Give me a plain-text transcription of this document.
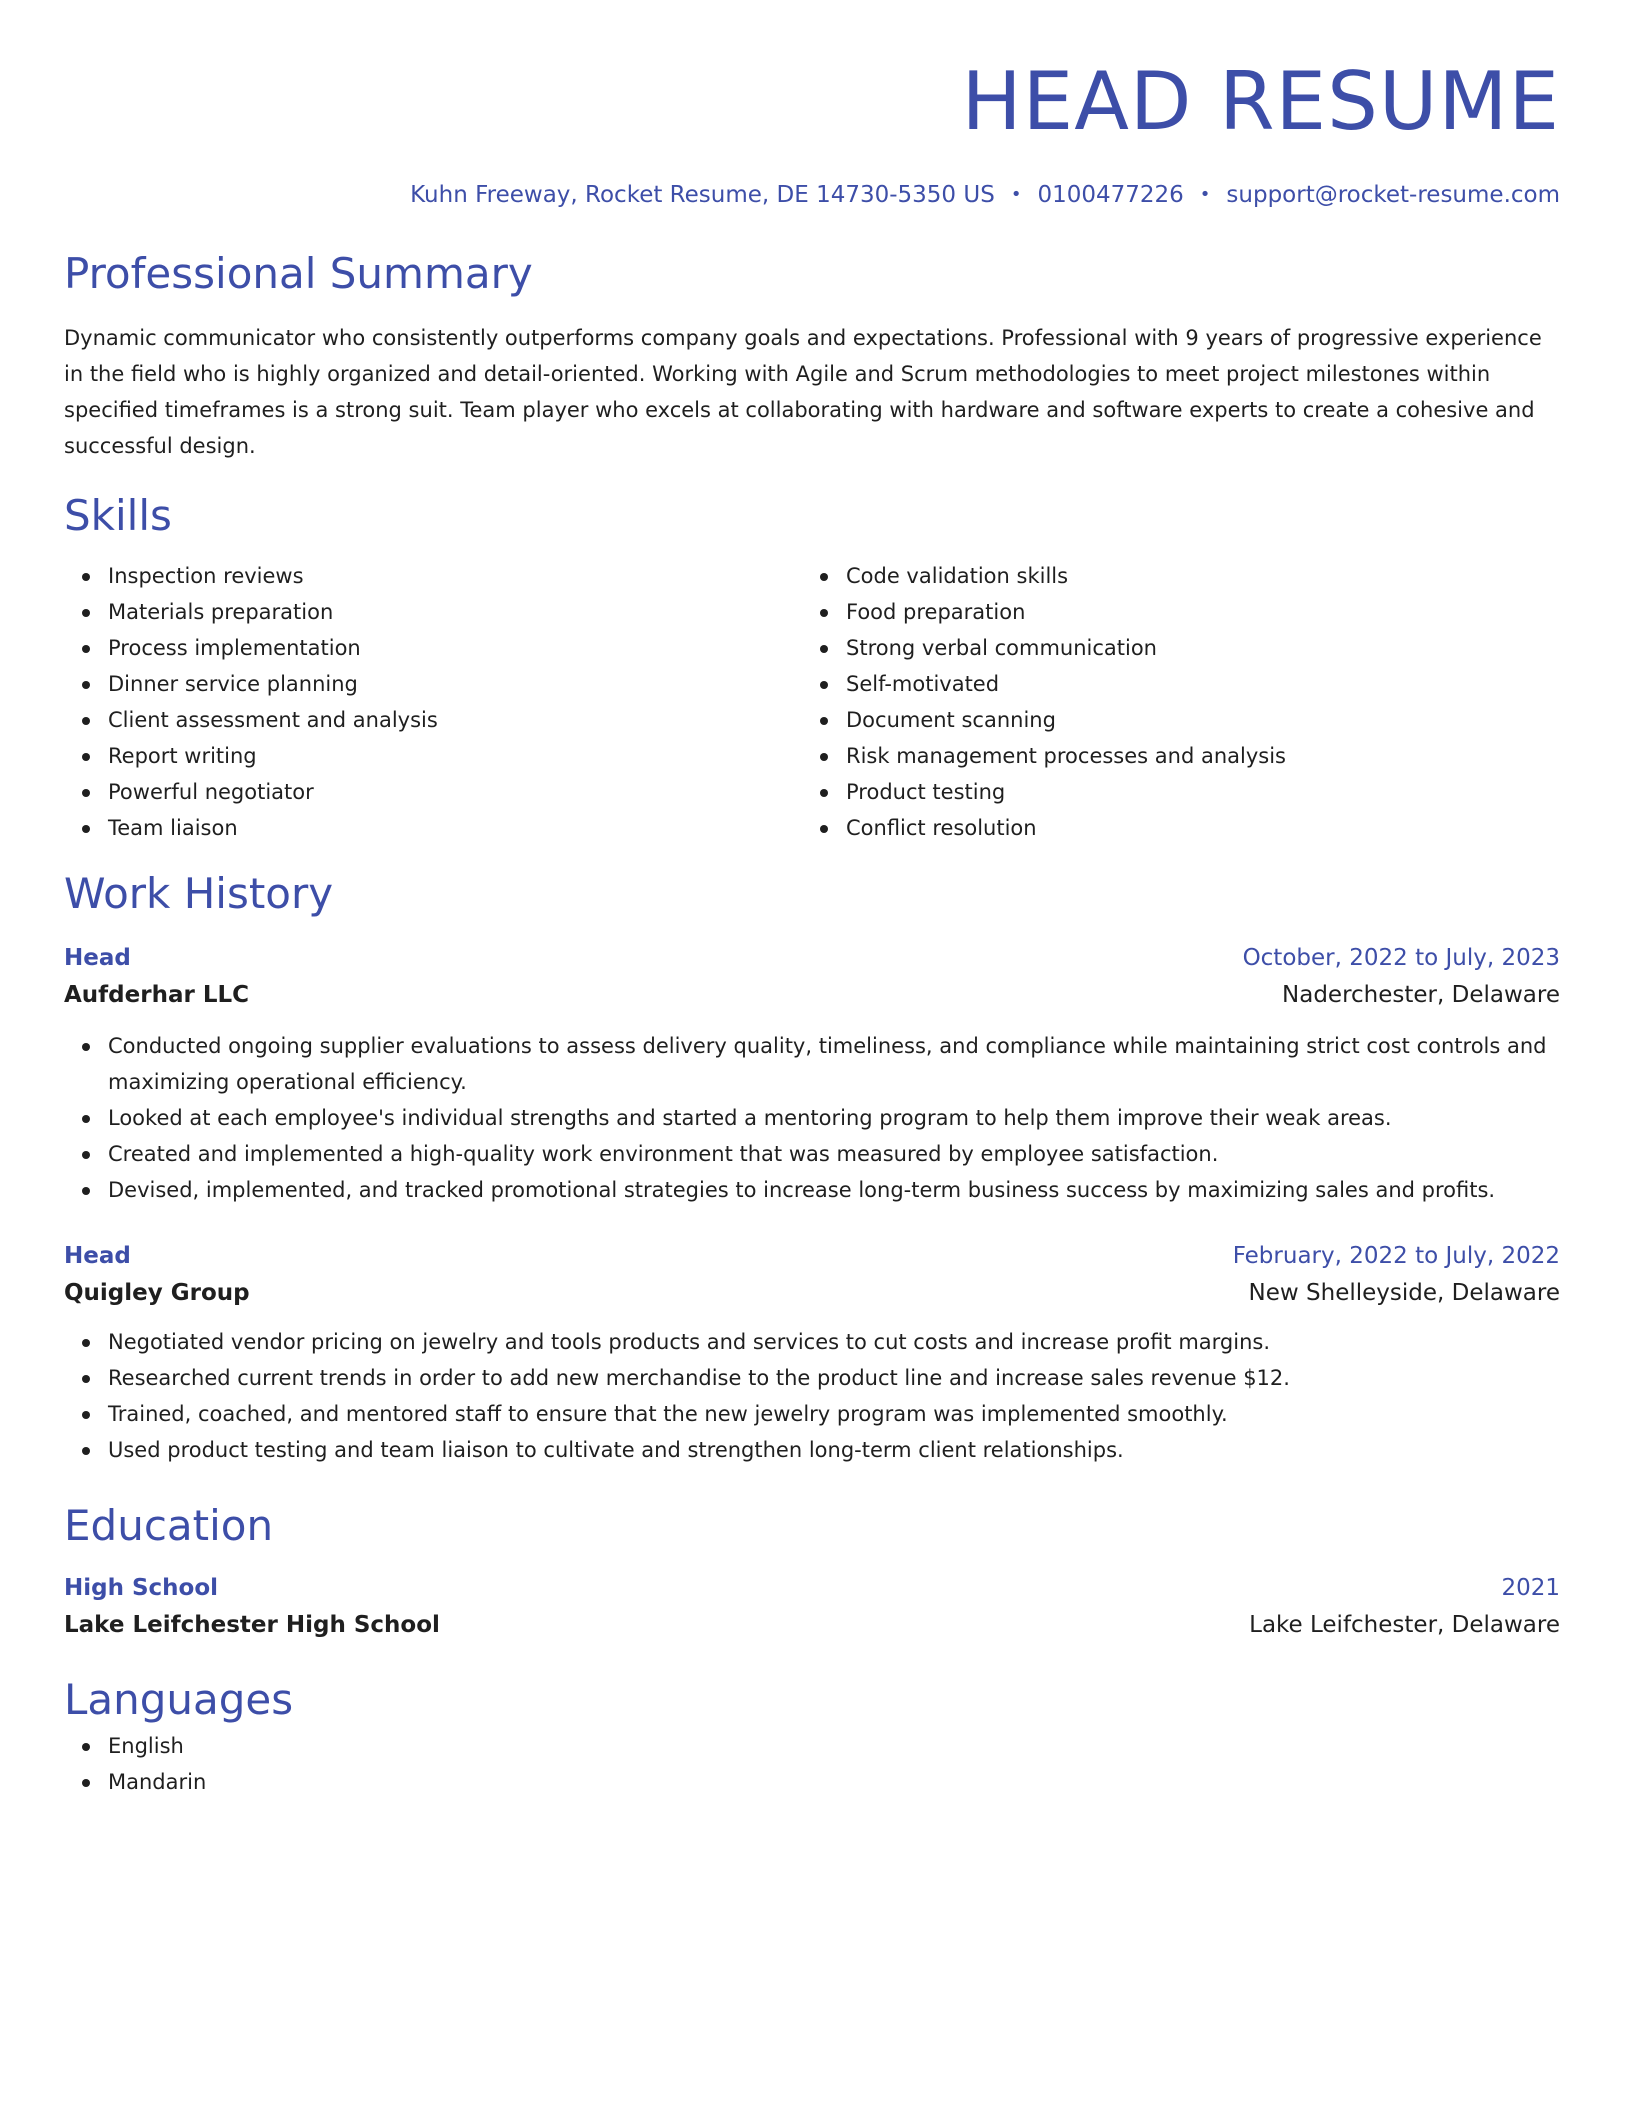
HEAD RESUME
Kuhn Freeway, Rocket Resume, DE 14730-5350 US • 0100477226 • support@rocket-resume.com
Professional Summary
Dynamic communicator who consistently outperforms company goals and expectations. Professional with 9 years of progressive experience in the field who is highly organized and detail-oriented. Working with Agile and Scrum methodologies to meet project milestones within specified timeframes is a strong suit. Team player who excels at collaborating with hardware and software experts to create a cohesive and successful design.
Skills
Inspection reviews
Materials preparation
Process implementation
Dinner service planning
Client assessment and analysis
Report writing
Powerful negotiator
Team liaison
Code validation skills
Food preparation
Strong verbal communication
Self-motivated
Document scanning
Risk management processes and analysis
Product testing
Conflict resolution
Work History
Head	October, 2022 to July, 2023
Aufderhar LLC	Naderchester, Delaware
Conducted ongoing supplier evaluations to assess delivery quality, timeliness, and compliance while maintaining strict cost controls and maximizing operational efficiency.
Looked at each employee's individual strengths and started a mentoring program to help them improve their weak areas.
Created and implemented a high-quality work environment that was measured by employee satisfaction.
Devised, implemented, and tracked promotional strategies to increase long-term business success by maximizing sales and profits.
Head	February, 2022 to July, 2022
Quigley Group	New Shelleyside, Delaware
Negotiated vendor pricing on jewelry and tools products and services to cut costs and increase profit margins.
Researched current trends in order to add new merchandise to the product line and increase sales revenue $12.
Trained, coached, and mentored staff to ensure that the new jewelry program was implemented smoothly.
Used product testing and team liaison to cultivate and strengthen long-term client relationships.
Education
High School	2021
Lake Leifchester High School	Lake Leifchester, Delaware
Languages
English
Mandarin
